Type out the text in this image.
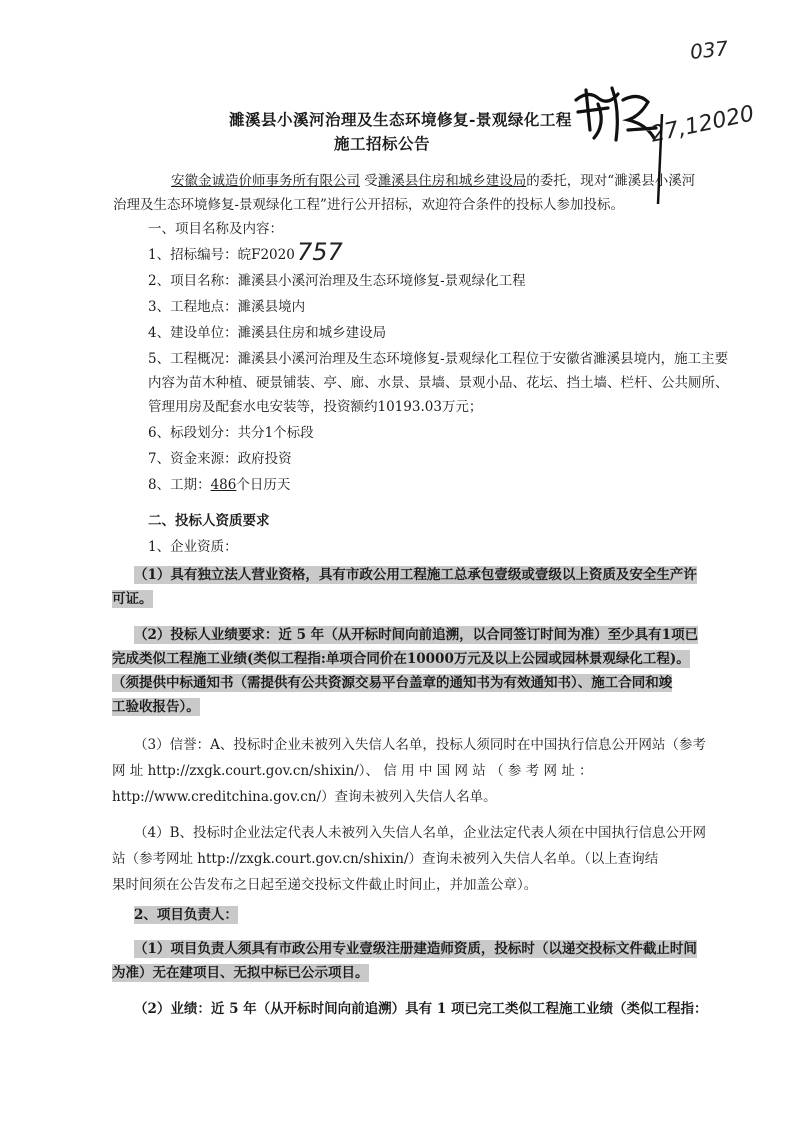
037
27,12020
濉溪县小溪河治理及生态环境修复-景观绿化工程
施工招标公告
安徽金诚造价师事务所有限公司 受濉溪县住房和城乡建设局的委托，现对“濉溪县小溪河
治理及生态环境修复-景观绿化工程”进行公开招标，欢迎符合条件的投标人参加投标。
一、项目名称及内容：
1、招标编号：皖F2020 757
2、项目名称：濉溪县小溪河治理及生态环境修复-景观绿化工程
3、工程地点：濉溪县境内
4、建设单位：濉溪县住房和城乡建设局
5、工程概况：濉溪县小溪河治理及生态环境修复-景观绿化工程位于安徽省濉溪县境内，施工主要
内容为苗木种植、硬景铺装、亭、廊、水景、景墙、景观小品、花坛、挡土墙、栏杆、公共厕所、
管理用房及配套水电安装等，投资额约10193.03万元；
6、标段划分：共分1个标段
7、资金来源：政府投资
8、工期：486个日历天
二、投标人资质要求
1、企业资质：
（1）具有独立法人营业资格，具有市政公用工程施工总承包壹级或壹级以上资质及安全生产许
可证。
（2）投标人业绩要求：近 5 年（从开标时间向前追溯，以合同签订时间为准）至少具有1项已
完成类似工程施工业绩(类似工程指:单项合同价在10000万元及以上公园或园林景观绿化工程)。
（须提供中标通知书（需提供有公共资源交易平台盖章的通知书为有效通知书）、施工合同和竣
工验收报告）。
（3）信誉：A、投标时企业未被列入失信人名单，投标人须同时在中国执行信息公开网站（参考
网 址 http://zxgk.court.gov.cn/shixin/）、 信 用 中 国 网 站 （ 参 考 网 址 ：
http://www.creditchina.gov.cn/）查询未被列入失信人名单。
（4）B、投标时企业法定代表人未被列入失信人名单，企业法定代表人须在中国执行信息公开网
站（参考网址 http://zxgk.court.gov.cn/shixin/）查询未被列入失信人名单。（以上查询结
果时间须在公告发布之日起至递交投标文件截止时间止，并加盖公章）。
2、项目负责人：
（1）项目负责人须具有市政公用专业壹级注册建造师资质，投标时（以递交投标文件截止时间
为准）无在建项目、无拟中标已公示项目。
（2）业绩：近 5 年（从开标时间向前追溯）具有 1 项已完工类似工程施工业绩（类似工程指：
